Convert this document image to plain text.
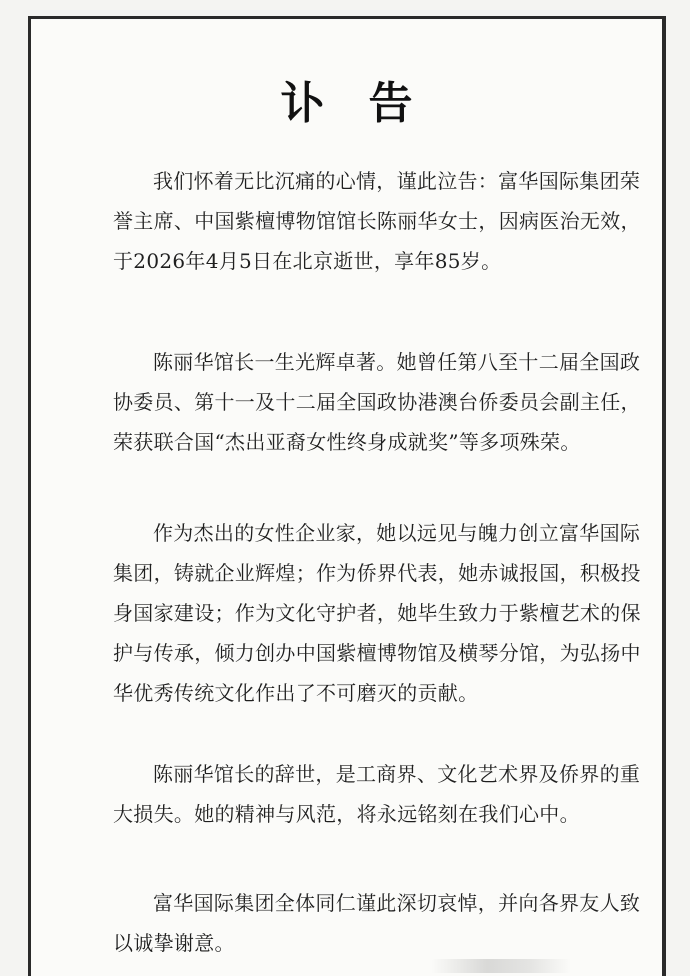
讣告

我们怀着无比沉痛的心情，谨此泣告：富华国际集团荣誉主席、中国紫檀博物馆馆长陈丽华女士，因病医治无效，于2026年4月5日在北京逝世，享年85岁。

陈丽华馆长一生光辉卓著。她曾任第八至十二届全国政协委员、第十一及十二届全国政协港澳台侨委员会副主任，荣获联合国“杰出亚裔女性终身成就奖”等多项殊荣。

作为杰出的女性企业家，她以远见与魄力创立富华国际集团，铸就企业辉煌；作为侨界代表，她赤诚报国，积极投身国家建设；作为文化守护者，她毕生致力于紫檀艺术的保护与传承，倾力创办中国紫檀博物馆及横琴分馆，为弘扬中华优秀传统文化作出了不可磨灭的贡献。

陈丽华馆长的辞世，是工商界、文化艺术界及侨界的重大损失。她的精神与风范，将永远铭刻在我们心中。

富华国际集团全体同仁谨此深切哀悼，并向各界友人致以诚挚谢意。
